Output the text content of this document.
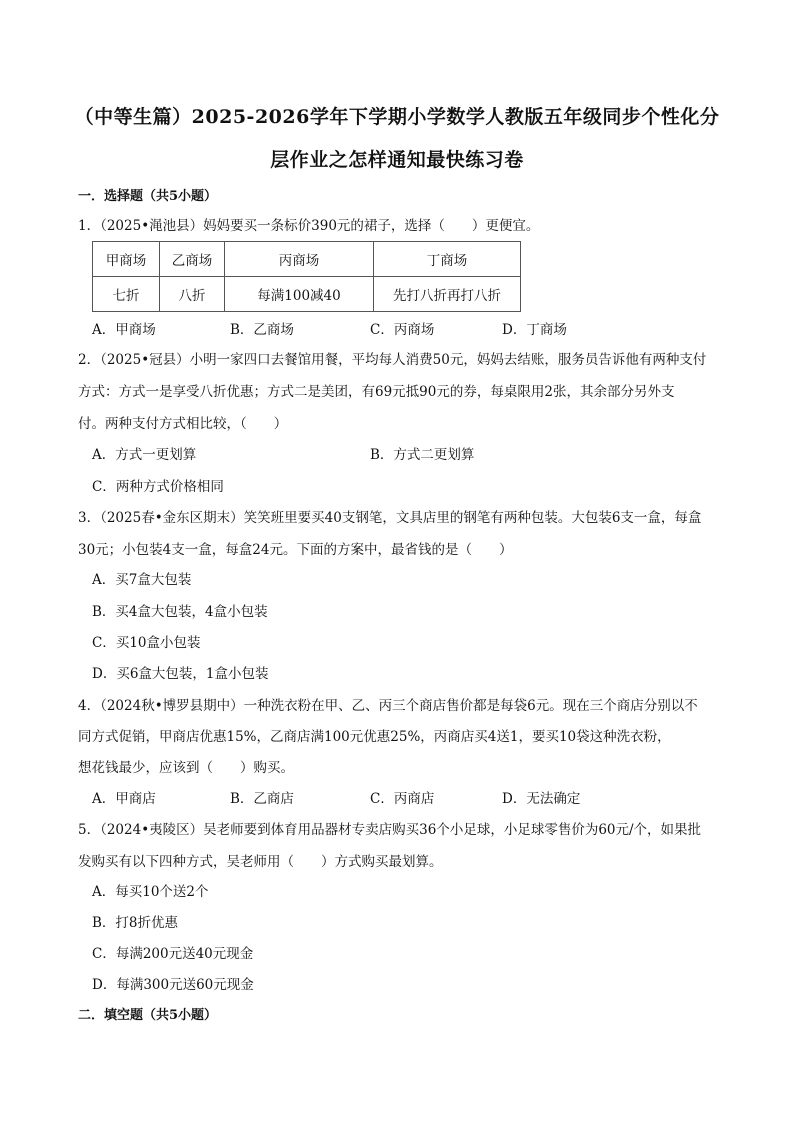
（中等生篇）2025-2026学年下学期小学数学人教版五年级同步个性化分
层作业之怎样通知最快练习卷
一．选择题（共5小题）
1．（2025•渑池县）妈妈要买一条标价390元的裙子，选择（　　）更便宜。
甲商场	乙商场	丙商场	丁商场
七折	八折	每满100减40	先打八折再打八折
A．甲商场	B．乙商场	C．丙商场	D．丁商场
2．（2025•冠县）小明一家四口去餐馆用餐，平均每人消费50元，妈妈去结账，服务员告诉他有两种支付
方式：方式一是享受八折优惠；方式二是美团，有69元抵90元的券，每桌限用2张，其余部分另外支
付。两种支付方式相比较，（　　）
A．方式一更划算	B．方式二更划算
C．两种方式价格相同
3．（2025春•金东区期末）笑笑班里要买40支钢笔，文具店里的钢笔有两种包装。大包装6支一盒，每盒
30元；小包装4支一盒，每盒24元。下面的方案中，最省钱的是（　　）
A．买7盒大包装
B．买4盒大包装，4盒小包装
C．买10盒小包装
D．买6盒大包装，1盒小包装
4．（2024秋•博罗县期中）一种洗衣粉在甲、乙、丙三个商店售价都是每袋6元。现在三个商店分别以不
同方式促销，甲商店优惠15%，乙商店满100元优惠25%，丙商店买4送1，要买10袋这种洗衣粉，
想花钱最少，应该到（　　）购买。
A．甲商店	B．乙商店	C．丙商店	D．无法确定
5．（2024•夷陵区）吴老师要到体育用品器材专卖店购买36个小足球，小足球零售价为60元/个，如果批
发购买有以下四种方式，吴老师用（　　）方式购买最划算。
A．每买10个送2个
B．打8折优惠
C．每满200元送40元现金
D．每满300元送60元现金
二．填空题（共5小题）
